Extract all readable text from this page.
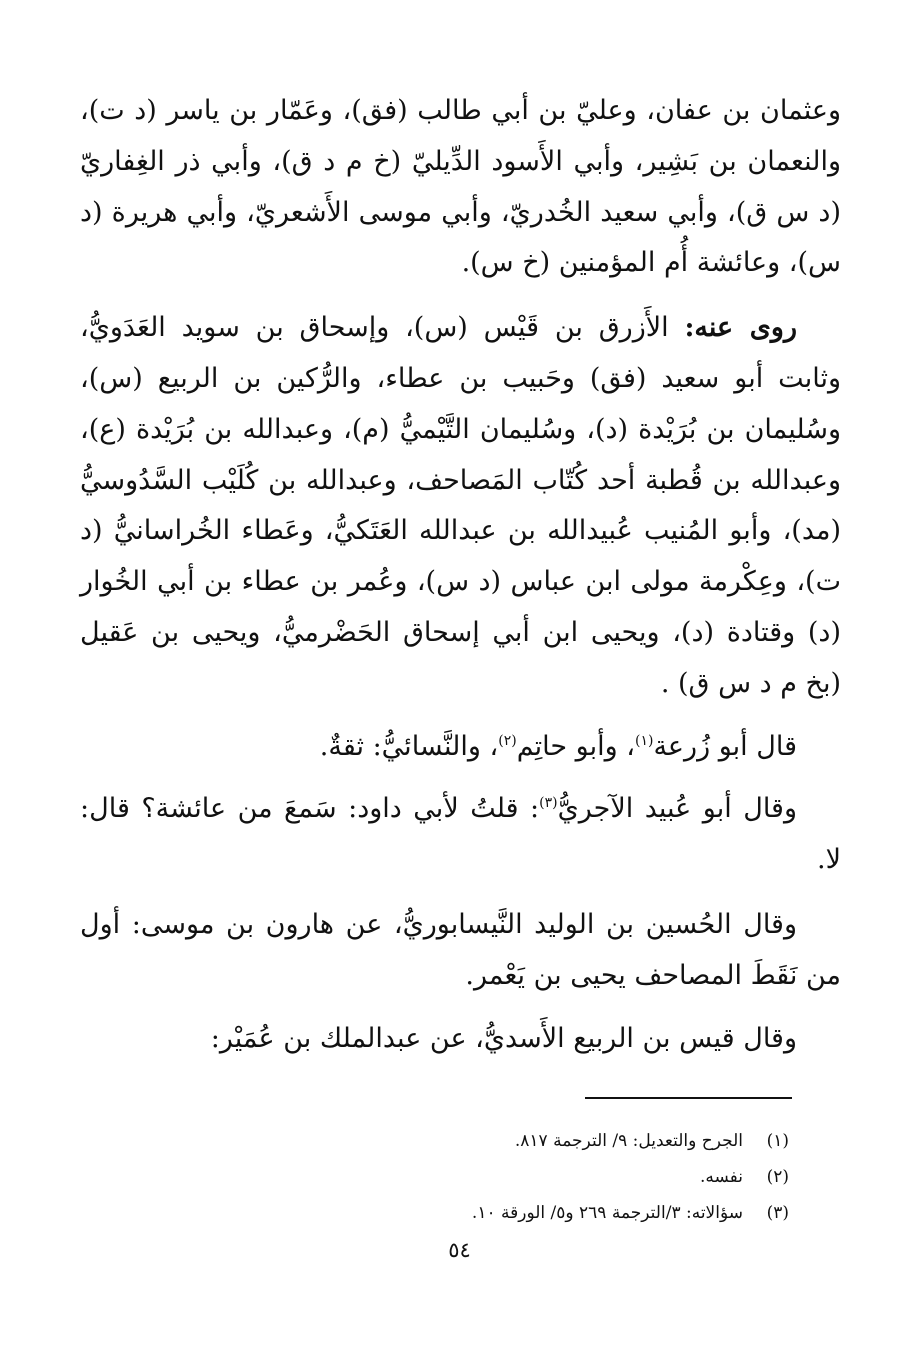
وعثمان بن عفان، وعليّ بن أبي طالب (فق)، وعَمّار بن ياسر (د ت)، والنعمان بن بَشِير، وأبي الأَسود الدِّيليّ (خ م د ق)، وأبي ذر الغِفاريّ (د س ق)، وأبي سعيد الخُدريّ، وأبي موسى الأَشعريّ، وأبي هريرة (د س)، وعائشة أُم المؤمنين (خ س).

روى عنه: الأَزرق بن قَيْس (س)، وإسحاق بن سويد العَدَويُّ، وثابت أبو سعيد (فق) وحَبيب بن عطاء، والرُّكين بن الربيع (س)، وسُليمان بن بُرَيْدة (د)، وسُليمان التَّيْميُّ (م)، وعبدالله بن بُرَيْدة (ع)، وعبدالله بن قُطبة أحد كُتّاب المَصاحف، وعبدالله بن كُلَيْب السَّدُوسيُّ (مد)، وأبو المُنيب عُبيدالله بن عبدالله العَتَكيُّ، وعَطاء الخُراسانيُّ (د ت)، وعِكْرمة مولى ابن عباس (د س)، وعُمر بن عطاء بن أبي الخُوار (د) وقتادة (د)، ويحيى ابن أبي إسحاق الحَضْرميُّ، ويحيى بن عَقيل (بخ م د س ق) .

قال أبو زُرعة$^{(١)}$، وأبو حاتِم$^{(٢)}$، والنَّسائيُّ: ثقةٌ.

وقال أبو عُبيد الآجريُّ$^{(٣)}$: قلتُ لأبي داود: سَمعَ من عائشة؟ قال: لا.

وقال الحُسين بن الوليد النَّيسابوريُّ، عن هارون بن موسى: أول من نَقَطَ المصاحف يحيى بن يَعْمر.

وقال قيس بن الربيع الأَسديُّ، عن عبدالملك بن عُمَيْر:

(١)الجرح والتعديل: ٩/ الترجمة ٨١٧.

(٢)نفسه.

(٣)سؤالاته: ٣/الترجمة ٢٦٩ و٥/ الورقة ١٠.

٥٤
